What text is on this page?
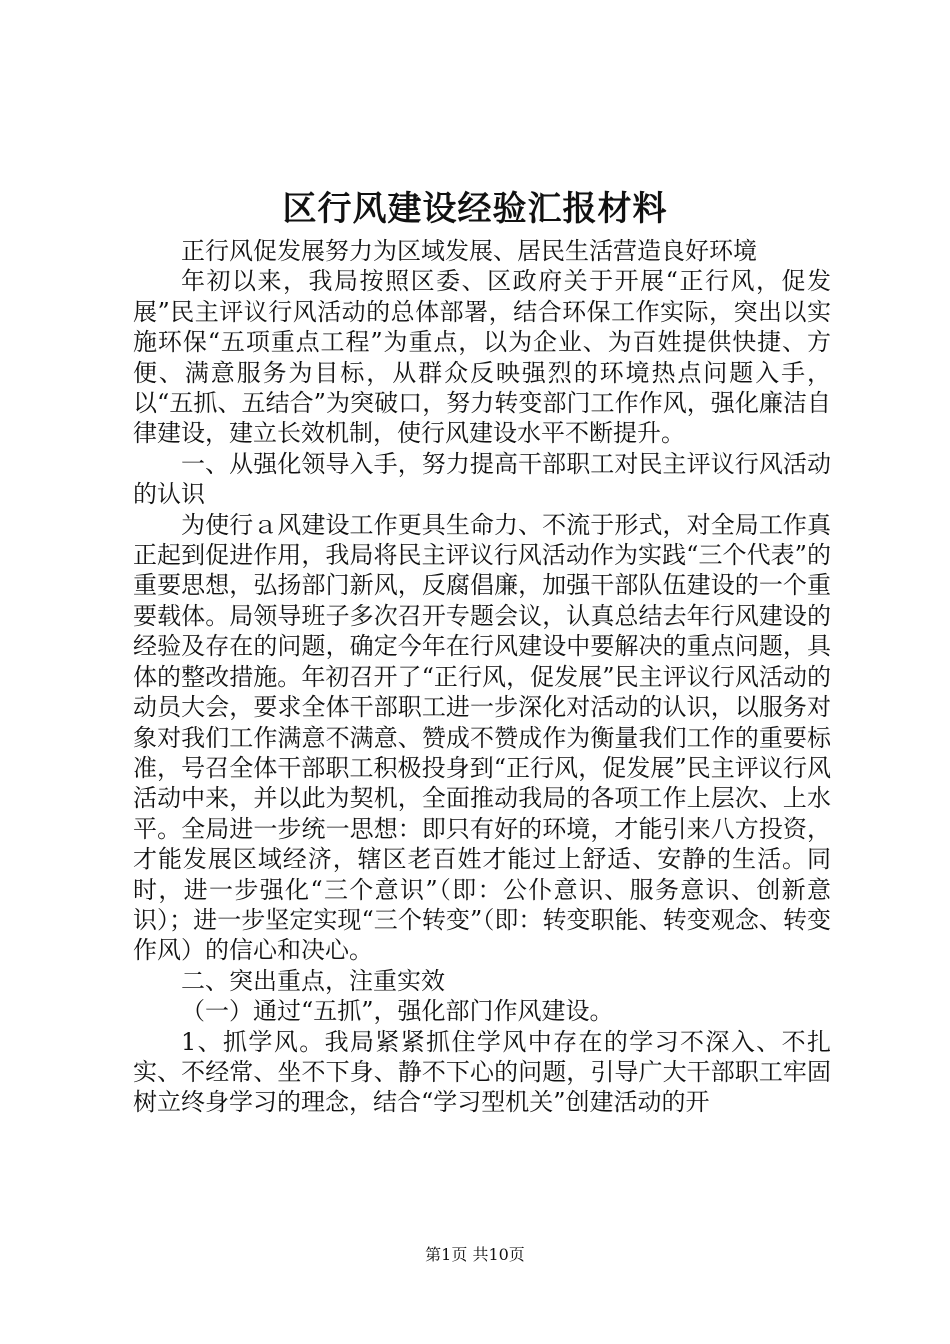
区行风建设经验汇报材料

正行风促发展努力为区域发展、居民生活营造良好环境

年初以来，我局按照区委、区政府关于开展“正行风，促发展”民主评议行风活动的总体部署，结合环保工作实际，突出以实施环保“五项重点工程”为重点，以为企业、为百姓提供快捷、方便、满意服务为目标，从群众反映强烈的环境热点问题入手，以“五抓、五结合”为突破口，努力转变部门工作作风，强化廉洁自律建设，建立长效机制，使行风建设水平不断提升。

一、从强化领导入手，努力提高干部职工对民主评议行风活动的认识

为使行ａ风建设工作更具生命力、不流于形式，对全局工作真正起到促进作用，我局将民主评议行风活动作为实践“三个代表”的重要思想，弘扬部门新风，反腐倡廉，加强干部队伍建设的一个重要载体。局领导班子多次召开专题会议，认真总结去年行风建设的经验及存在的问题，确定今年在行风建设中要解决的重点问题，具体的整改措施。年初召开了“正行风，促发展”民主评议行风活动的动员大会，要求全体干部职工进一步深化对活动的认识，以服务对象对我们工作满意不满意、赞成不赞成作为衡量我们工作的重要标准，号召全体干部职工积极投身到“正行风，促发展”民主评议行风活动中来，并以此为契机，全面推动我局的各项工作上层次、上水平。全局进一步统一思想：即只有好的环境，才能引来八方投资，才能发展区域经济，辖区老百姓才能过上舒适、安静的生活。同时，进一步强化“三个意识”（即：公仆意识、服务意识、创新意识）；进一步坚定实现“三个转变”（即：转变职能、转变观念、转变作风）的信心和决心。

二、突出重点，注重实效

（一）通过“五抓”，强化部门作风建设。

1、抓学风。我局紧紧抓住学风中存在的学习不深入、不扎实、不经常、坐不下身、静不下心的问题，引导广大干部职工牢固树立终身学习的理念，结合“学习型机关”创建活动的开

第1页 共10页
